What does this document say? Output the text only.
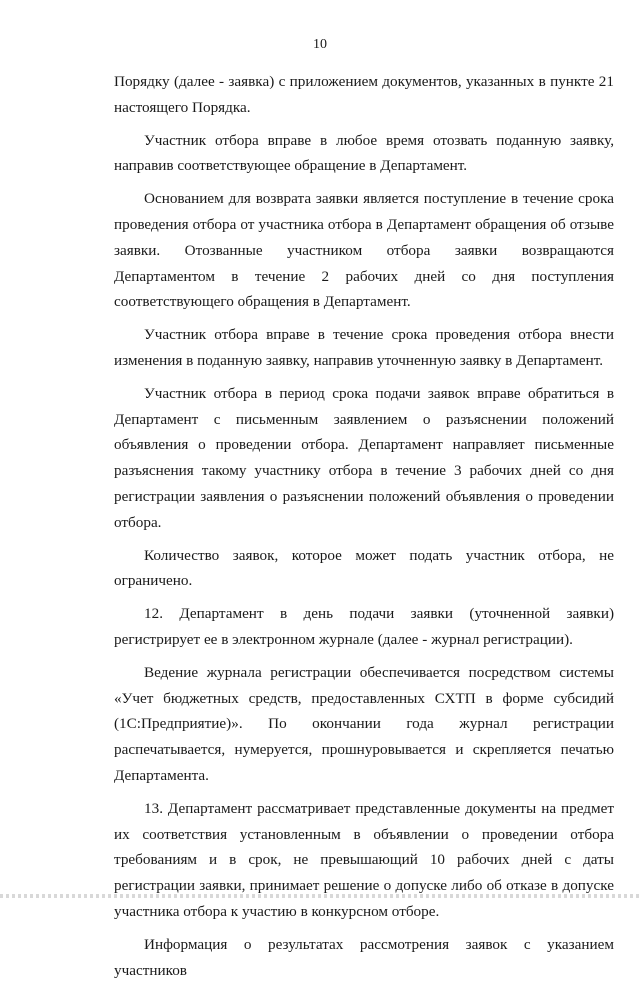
10

Порядку (далее - заявка) с приложением документов, указанных в пункте 21 настоящего Порядка.

Участник отбора вправе в любое время отозвать поданную заявку, направив соответствующее обращение в Департамент.

Основанием для возврата заявки является поступление в течение срока проведения отбора от участника отбора в Департамент обращения об отзыве заявки. Отозванные участником отбора заявки возвращаются Департаментом в течение 2 рабочих дней со дня поступления соответствующего обращения в Департамент.

Участник отбора вправе в течение срока проведения отбора внести изменения в поданную заявку, направив уточненную заявку в Департамент.

Участник отбора в период срока подачи заявок вправе обратиться в Департамент с письменным заявлением о разъяснении положений объявления о проведении отбора. Департамент направляет письменные разъяснения такому участнику отбора в течение 3 рабочих дней со дня регистрации заявления о разъяснении положений объявления о проведении отбора.

Количество заявок, которое может подать участник отбора, не ограничено.

12. Департамент в день подачи заявки (уточненной заявки) регистрирует ее в электронном журнале (далее - журнал регистрации).

Ведение журнала регистрации обеспечивается посредством системы «Учет бюджетных средств, предоставленных СХТП в форме субсидий (1С:Предприятие)». По окончании года журнал регистрации распечатывается, нумеруется, прошнуровывается и скрепляется печатью Департамента.

13. Департамент рассматривает представленные документы на предмет их соответствия установленным в объявлении о проведении отбора требованиям и в срок, не превышающий 10 рабочих дней с даты регистрации заявки, принимает решение о допуске либо об отказе в допуске участника отбора к участию в конкурсном отборе.

Информация о результатах рассмотрения заявок с указанием участников
